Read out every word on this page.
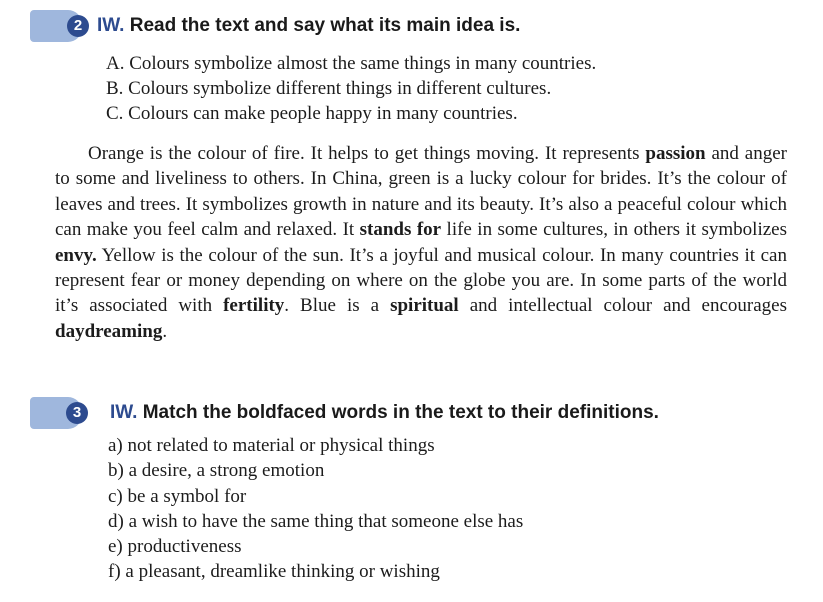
2 IW. Read the text and say what its main idea is.
A. Colours symbolize almost the same things in many countries.
B. Colours symbolize different things in different cultures.
C. Colours can make people happy in many countries.

Orange is the colour of fire. It helps to get things moving. It represents passion and anger to some and liveliness to others. In China, green is a lucky colour for brides. It’s the colour of leaves and trees. It symbolizes growth in nature and its beauty. It’s also a peaceful colour which can make you feel calm and relaxed. It stands for life in some cultures, in others it symbolizes envy. Yellow is the colour of the sun. It’s a joyful and musical colour. In many countries it can represent fear or money depending on where on the globe you are. In some parts of the world it’s associated with fertility. Blue is a spiritual and intellectual colour and encourages daydreaming.

3	IW. Match the boldfaced words in the text to their definitions.
a) not related to material or physical things
b) a desire, a strong emotion
c) be a symbol for
d) a wish to have the same thing that someone else has
e) productiveness
f) a pleasant, dreamlike thinking or wishing
